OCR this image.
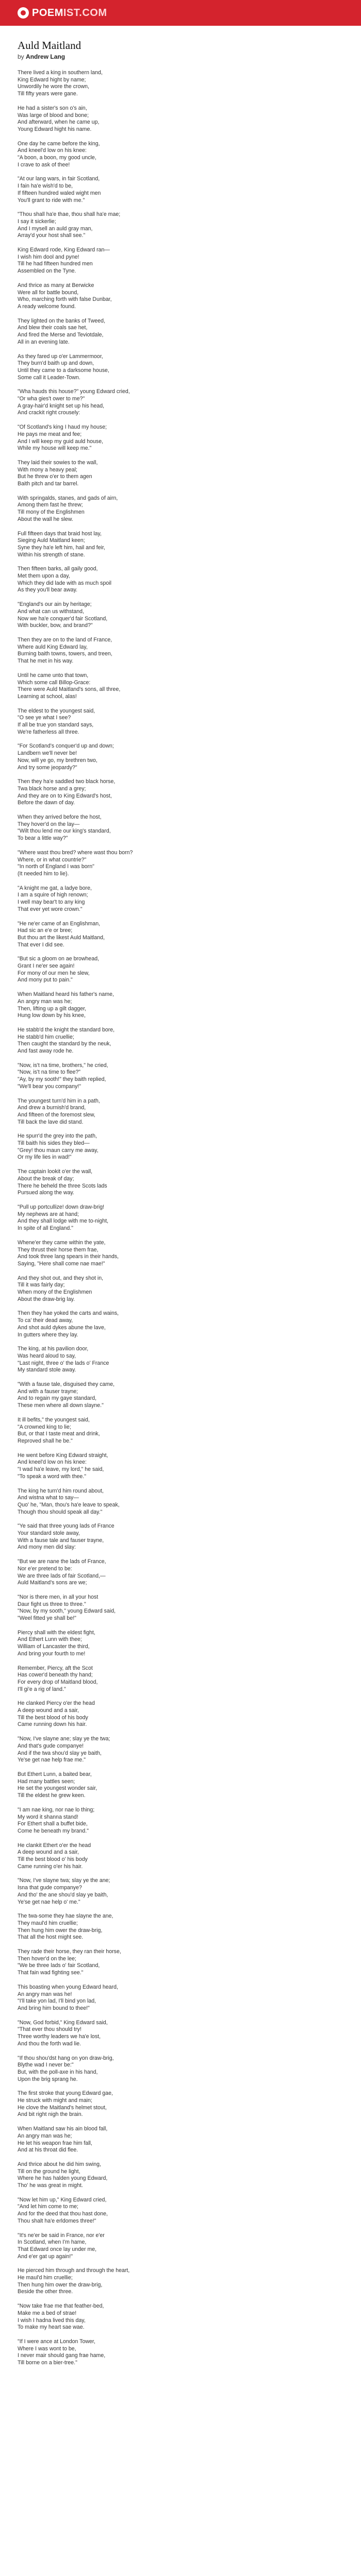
POEMIST.COM
Auld Maitland

by Andrew Lang

There lived a king in southern land,
King Edward hight by name;
Unwordily he wore the crown,
Till fifty years were gane.
He had a sister's son o's ain,
Was large of blood and bone;
And afterward, when he came up,
Young Edward hight his name.
One day he came before the king,
And kneel'd low on his knee:
"A boon, a boon, my good uncle,
I crave to ask of thee!
"At our lang wars, in fair Scotland,
I fain ha'e wish'd to be,
If fifteen hundred waled wight men
You'll grant to ride with me."
"Thou shall ha'e thae, thou shall ha'e mae;
I say it sickerlie;
And I mysell an auld gray man,
Array'd your host shall see."
King Edward rode, King Edward ran—
I wish him dool and pyne!
Till he had fifteen hundred men
Assembled on the Tyne.
And thrice as many at Berwicke
Were all for battle bound,
Who, marching forth with false Dunbar,
A ready welcome found.
They lighted on the banks of Tweed,
And blew their coals sae het,
And fired the Merse and Teviotdale,
All in an evening late.
As they fared up o'er Lammermoor,
They burn'd baith up and down,
Until they came to a darksome house,
Some call it Leader-Town.
"Wha hauds this house?" young Edward cried,
"Or wha gies't ower to me?"
A gray-hair'd knight set up his head,
And crackit right crousely:
"Of Scotland's king I haud my house;
He pays me meat and fee;
And I will keep my guid auld house,
While my house will keep me."
They laid their sowies to the wall,
With mony a heavy peal;
But he threw o'er to them agen
Baith pitch and tar barrel.
With springalds, stanes, and gads of airn,
Among them fast he threw;
Till mony of the Englishmen
About the wall he slew.
Full fifteen days that braid host lay,
Sieging Auld Maitland keen;
Syne they ha'e left him, hail and feir,
Within his strength of stane.
Then fifteen barks, all gaily good,
Met them upon a day,
Which they did lade with as much spoil
As they you'll bear away.
"England's our ain by heritage;
And what can us withstand,
Now we ha'e conquer'd fair Scotland,
With buckler, bow, and brand?"
Then they are on to the land of France,
Where auld King Edward lay,
Burning baith towns, towers, and treen,
That he met in his way.
Until he came unto that town,
Which some call Billop-Grace:
There were Auld Maitland's sons, all three,
Learning at school, alas!
The eldest to the youngest said,
"O see ye what I see?
If all be true yon standard says,
We're fatherless all three.
"For Scotland's conquer'd up and down;
Landbern we'll never be!
Now, will ye go, my brethren two,
And try some jeopardy?"
Then they ha'e saddled two black horse,
Twa black horse and a grey;
And they are on to King Edward's host,
Before the dawn of day.
When they arrived before the host,
They hover'd on the lay—
"Wilt thou lend me our king's standard,
To bear a little way?"
"Where wast thou bred? where wast thou born?
Where, or in what countrie?"
"In north of England I was born"
(It needed him to lie).
"A knight me gat, a ladye bore,
I am a squire of high renown;
I well may bear't to any king
That ever yet wore crown."
"He ne'er came of an Englishman,
Had sic an e'e or bree;
But thou art the likest Auld Maitland,
That ever I did see.
"But sic a gloom on ae browhead,
Grant I ne'er see again!
For mony of our men he slew,
And mony put to pain."
When Maitland heard his father's name,
An angry man was he;
Then, lifting up a gilt dagger,
Hung low down by his knee,
He stabb'd the knight the standard bore,
He stabb'd him cruellie;
Then caught the standard by the neuk,
And fast away rode he.
"Now, is't na time, brothers," he cried,
"Now, is't na time to flee?"
"Ay, by my sooth!" they baith replied,
"We'll bear you company!"
The youngest turn'd him in a path,
And drew a burnish'd brand,
And fifteen of the foremost slew,
Till back the lave did stand.
He spurr'd the grey into the path,
Till baith his sides they bled—
"Grey! thou maun carry me away,
Or my life lies in wad!"
The captain lookit o'er the wall,
About the break of day;
There he beheld the three Scots lads
Pursued along the way.
"Pull up portcullize! down draw-brig!
My nephews are at hand;
And they shall lodge with me to-night,
In spite of all England."
Whene'er they came within the yate,
They thrust their horse them frae,
And took three lang spears in their hands,
Saying, "Here shall come nae mae!"
And they shot out, and they shot in,
Till it was fairly day;
When mony of the Englishmen
About the draw-brig lay.
Then they hae yoked the carts and wains,
To ca' their dead away,
And shot auld dykes abune the lave,
In gutters where they lay.
The king, at his pavilion door,
Was heard aloud to say,
"Last night, three o' the lads o' France
My standard stole away.
"With a fause tale, disguised they came,
And with a fauser trayne;
And to regain my gaye standard,
These men where all down slayne."
It ill befits," the youngest said,
"A crowned king to lie;
But, or that I taste meat and drink,
Reproved shall he be."
He went before King Edward straight,
And kneel'd low on his knee:
"I wad ha'e leave, my lord," he said,
"To speak a word with thee."
The king he turn'd him round about,
And wistna what to say—
Quo' he, "Man, thou's ha'e leave to speak,
Though thou should speak all day."
"Ye said that three young lads of France
Your standard stole away,
With a fause tale and fauser trayne,
And mony men did slay:
"But we are nane the lads of France,
Nor e'er pretend to be:
We are three lads of fair Scotland,—
Auld Maitland's sons are we;
"Nor is there men, in all your host
Daur fight us three to three."
"Now, by my sooth," young Edward said,
"Weel fitted ye shall be!"
Piercy shall with the eldest fight,
And Ethert Lunn with thee;
William of Lancaster the third,
And bring your fourth to me!
Remember, Piercy, aft the Scot
Has cower'd beneath thy hand;
For every drop of Maitland blood,
I'll gi'e a rig of land."
He clanked Piercy o'er the head
A deep wound and a sair,
Till the best blood of his body
Came running down his hair.
"Now, I've slayne ane; slay ye the twa;
And that's gude companye!
And if the twa shou'd slay ye baith,
Ye'se get nae help frae me."
But Ethert Lunn, a baited bear,
Had many battles seen;
He set the youngest wonder sair,
Till the eldest he grew keen.
"I am nae king, nor nae lo thing;
My word it shanna stand!
For Ethert shall a buffet bide,
Come he beneath my brand."
He clankit Ethert o'er the head
A deep wound and a sair,
Till the best blood o' his body
Came running o'er his hair.
"Now, I've slayne twa; slay ye the ane;
Isna that gude companye?
And tho' the ane shou'd slay ye baith,
Ye'se get nae help o' me."
The twa-some they hae slayne the ane,
They maul'd him cruellie;
Then hung him ower the draw-brig,
That all the host might see.
They rade their horse, they ran their horse,
Then hover'd on the lee;
"We be three lads o' fair Scotland,
That fain wad fighting see."
This boasting when young Edward heard,
An angry man was he!
"I'll take yon lad, I'll bind yon lad,
And bring him bound to thee!"
"Now, God forbid," King Edward said,
"That ever thou should try!
Three worthy leaders we ha'e lost,
And thou the forth wad lie.
"If thou shou'dst hang on yon draw-brig,
Blythe wad I never be:"
But, with the poll-axe in his hand,
Upon the brig sprang he.
The first stroke that young Edward gae,
He struck with might and main;
He clove the Maitland's helmet stout,
And bit right nigh the brain.
When Maitland saw his ain blood fall,
An angry man was he;
He let his weapon frae him fall,
And at his throat did flee.
And thrice about he did him swing,
Till on the ground he light,
Where he has halden young Edward,
Tho' he was great in might.
"Now let him up," King Edward cried,
"And let him come to me;
And for the deed that thou hast done,
Thou shalt ha'e erldomes three!"
"It's ne'er be said in France, nor e'er
In Scotland, when I'm hame,
That Edward once lay under me,
And e'er gat up again!"
He pierced him through and through the heart,
He maul'd him cruellie;
Then hung him ower the draw-brig,
Beside the other three.
"Now take frae me that feather-bed,
Make me a bed of strae!
I wish I hadna lived this day,
To make my heart sae wae.
"If I were ance at London Tower,
Where I was wont to be,
I never mair should gang frae hame,
Till borne on a bier-tree."
